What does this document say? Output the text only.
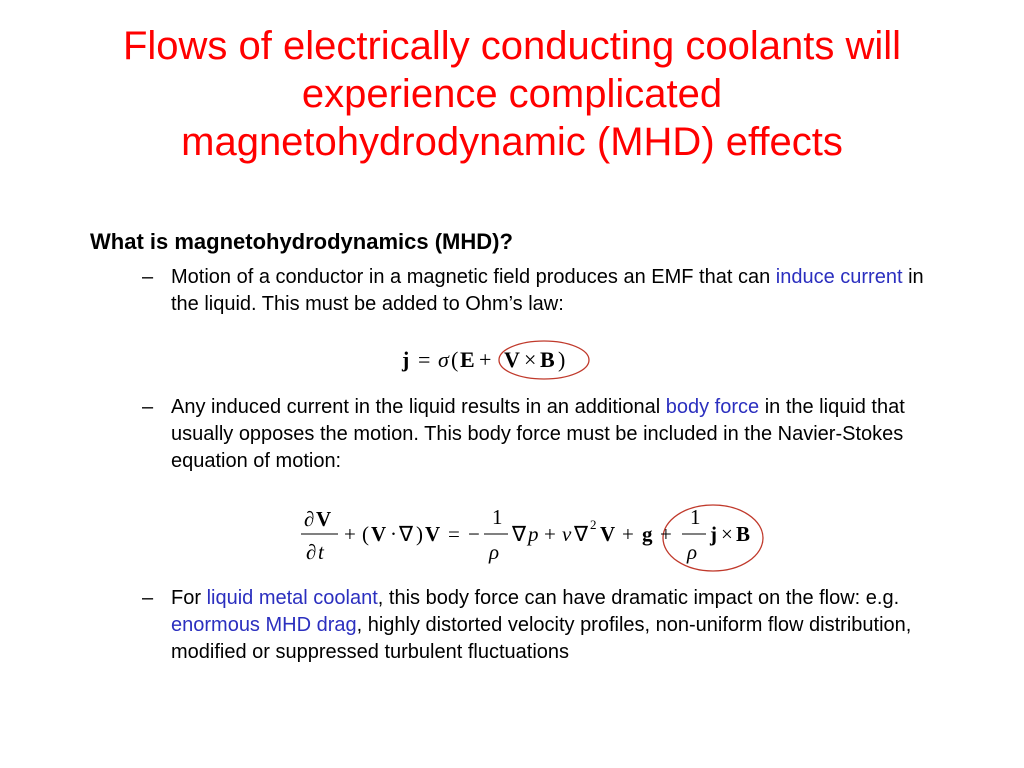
Flows of electrically conducting coolants will
experience complicated
magnetohydrodynamic (MHD) effects
What is magnetohydrodynamics (MHD)?
– Motion of a conductor in a magnetic field produces an EMF that can induce current in the liquid. This must be added to Ohm’s law:
j = σ ( E + V × B )
– Any induced current in the liquid results in an additional body force in the liquid that usually opposes the motion. This body force must be included in the Navier-Stokes equation of motion:
∂ V
∂ t
+ ( V · ∇ ) V = −
1
ρ
∇ p + ν ∇ 2 V + g +
1
ρ
j × B
– For liquid metal coolant, this body force can have dramatic impact on the flow: e.g. enormous MHD drag, highly distorted velocity profiles, non-uniform flow distribution, modified or suppressed turbulent fluctuations
